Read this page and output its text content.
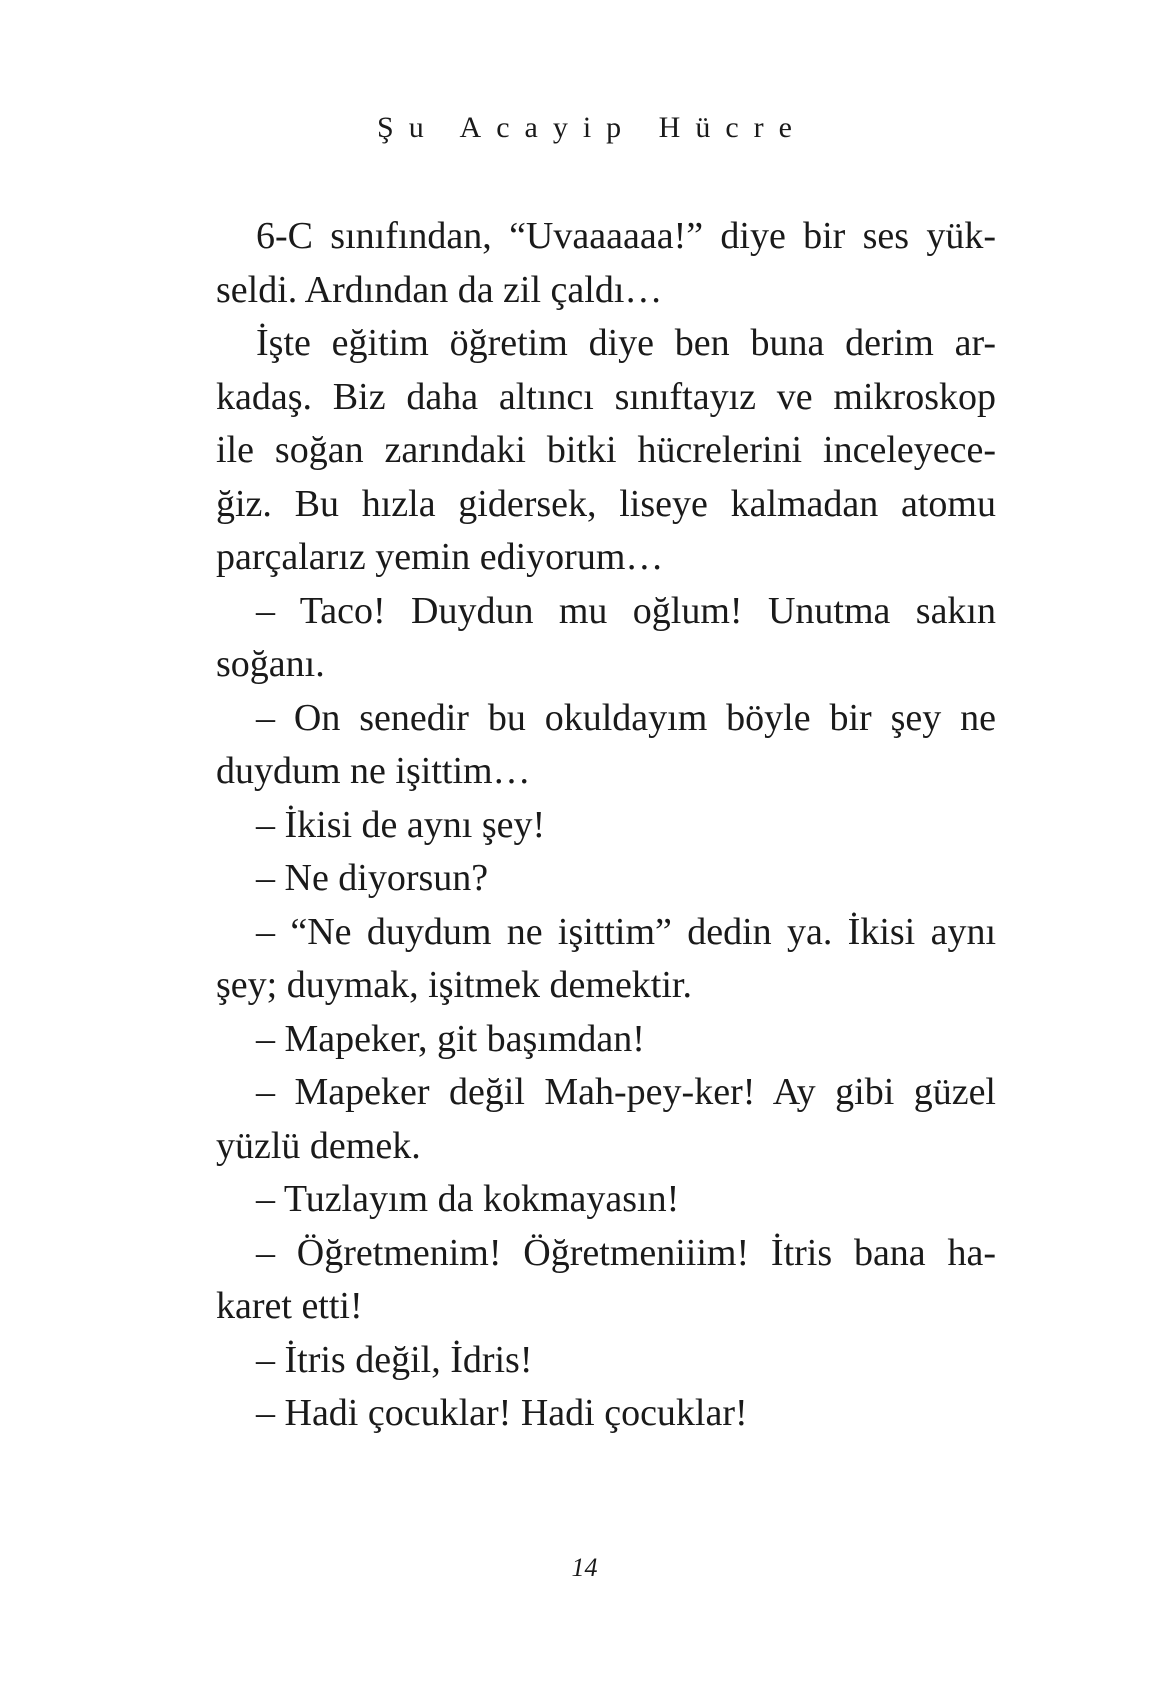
Şu Acayip Hücre
6-C sınıfından, “Uvaaaaaa!” diye bir ses yük-
seldi. Ardından da zil çaldı…
İşte eğitim öğretim diye ben buna derim ar-
kadaş. Biz daha altıncı sınıftayız ve mikroskop
ile soğan zarındaki bitki hücrelerini inceleyece-
ğiz. Bu hızla gidersek, liseye kalmadan atomu
parçalarız yemin ediyorum…
– Taco! Duydun mu oğlum! Unutma sakın
soğanı.
– On senedir bu okuldayım böyle bir şey ne
duydum ne işittim…
– İkisi de aynı şey!
– Ne diyorsun?
– “Ne duydum ne işittim” dedin ya. İkisi aynı
şey; duymak, işitmek demektir.
– Mapeker, git başımdan!
– Mapeker değil Mah-pey-ker! Ay gibi güzel
yüzlü demek.
– Tuzlayım da kokmayasın!
– Öğretmenim! Öğretmeniiim! İtris bana ha-
karet etti!
– İtris değil, İdris!
– Hadi çocuklar! Hadi çocuklar!
14
